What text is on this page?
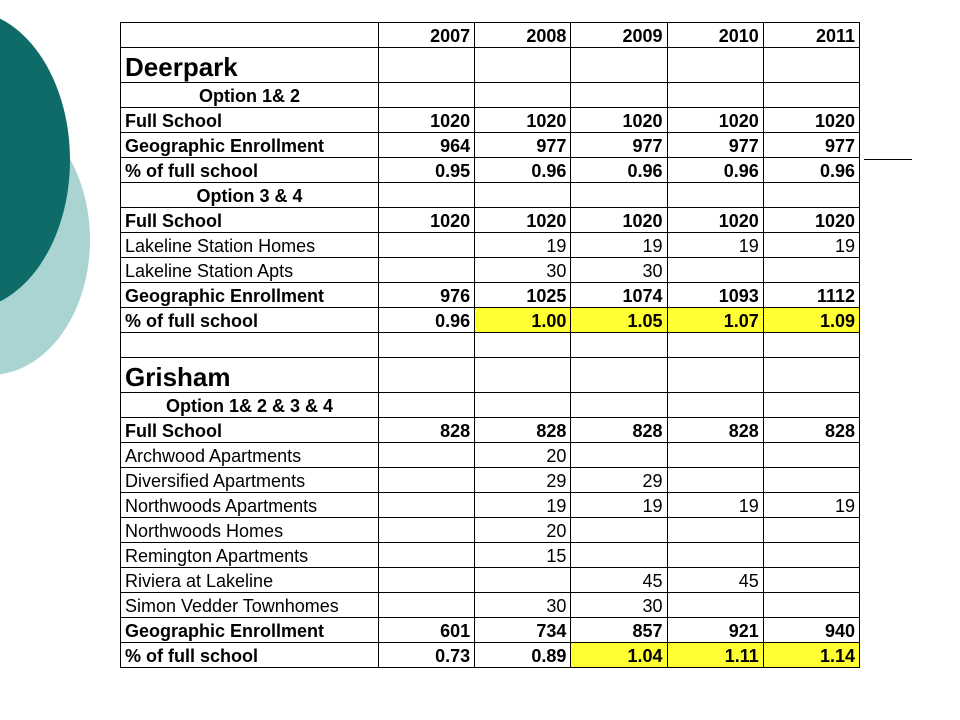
	2007	2008	2009	2010	2011
Deerpark					
Option 1& 2					
Full School	1020	1020	1020	1020	1020
Geographic Enrollment	964	977	977	977	977
% of full school	0.95	0.96	0.96	0.96	0.96
Option 3 & 4					
Full School	1020	1020	1020	1020	1020
Lakeline Station Homes		19	19	19	19
Lakeline Station Apts		30	30		
Geographic Enrollment	976	1025	1074	1093	1112
% of full school	0.96	1.00	1.05	1.07	1.09

Grisham					
Option 1& 2 & 3 & 4					
Full School	828	828	828	828	828
Archwood Apartments		20			
Diversified Apartments		29	29		
Northwoods Apartments		19	19	19	19
Northwoods Homes		20			
Remington Apartments		15			
Riviera at Lakeline			45	45	
Simon Vedder Townhomes		30	30		
Geographic Enrollment	601	734	857	921	940
% of full school	0.73	0.89	1.04	1.11	1.14
